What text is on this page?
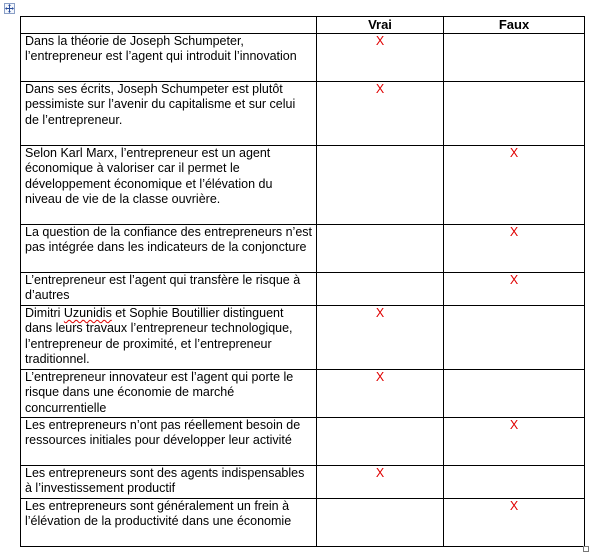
	Vrai	Faux
Dans la théorie de Joseph Schumpeter, l’entrepreneur est l’agent qui introduit l’innovation	X	
Dans ses écrits, Joseph Schumpeter est plutôt pessimiste sur l’avenir du capitalisme et sur celui de l’entrepreneur.	X	
Selon Karl Marx, l’entrepreneur est un agent économique à valoriser car il permet le développement économique et l’élévation du niveau de vie de la classe ouvrière.		X
La question de la confiance des entrepreneurs n’est pas intégrée dans les indicateurs de la conjoncture		X
L’entrepreneur est l’agent qui transfère le risque à d’autres		X
Dimitri Uzunidis et Sophie Boutillier distinguent dans leurs travaux l’entrepreneur technologique, l’entrepreneur de proximité, et l’entrepreneur traditionnel.	X	
L’entrepreneur innovateur est l’agent qui porte le risque dans une économie de marché concurrentielle	X	
Les entrepreneurs n’ont pas réellement besoin de ressources initiales pour développer leur activité		X
Les entrepreneurs sont des agents indispensables à l’investissement productif	X	
Les entrepreneurs sont généralement un frein à l’élévation de la productivité dans une économie		X
